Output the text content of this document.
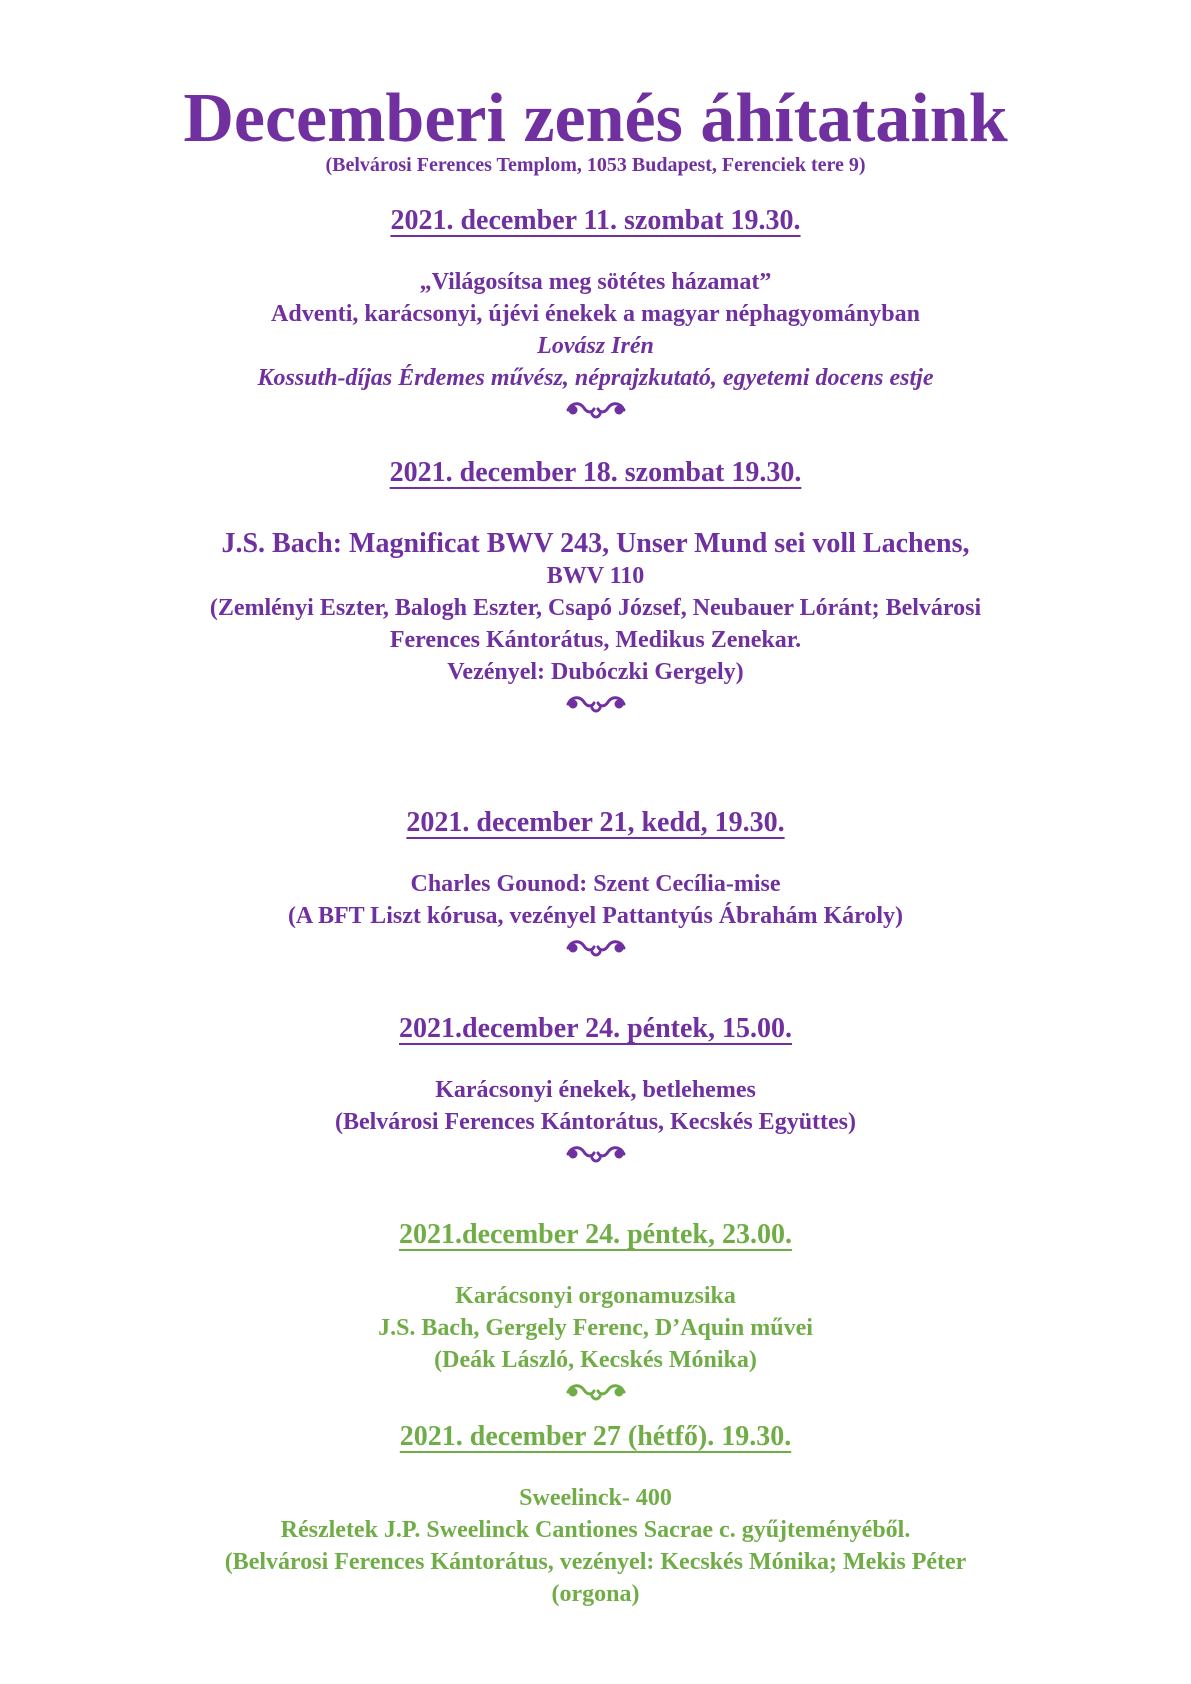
Decemberi zenés áhítataink
(Belvárosi Ferences Templom, 1053 Budapest, Ferenciek tere 9)
2021. december 11. szombat 19.30.
„Világosítsa meg sötétes házamat”
Adventi, karácsonyi, újévi énekek a magyar néphagyományban
Lovász Irén
Kossuth-díjas Érdemes művész, néprajzkutató, egyetemi docens estje
2021. december 18. szombat 19.30.
J.S. Bach: Magnificat BWV 243, Unser Mund sei voll Lachens,
BWV 110
(Zemlényi Eszter, Balogh Eszter, Csapó József, Neubauer Lóránt; Belvárosi
Ferences Kántorátus, Medikus Zenekar.
Vezényel: Dubóczki Gergely)
2021. december 21, kedd, 19.30.
Charles Gounod: Szent Cecília-mise
(A BFT Liszt kórusa, vezényel Pattantyús Ábrahám Károly)
2021.december 24. péntek, 15.00.
Karácsonyi énekek, betlehemes
(Belvárosi Ferences Kántorátus, Kecskés Együttes)
2021.december 24. péntek, 23.00.
Karácsonyi orgonamuzsika
J.S. Bach, Gergely Ferenc, D’Aquin művei
(Deák László, Kecskés Mónika)
2021. december 27 (hétfő). 19.30.
Sweelinck- 400
Részletek J.P. Sweelinck Cantiones Sacrae c. gyűjteményéből.
(Belvárosi Ferences Kántorátus, vezényel: Kecskés Mónika; Mekis Péter
(orgona)
